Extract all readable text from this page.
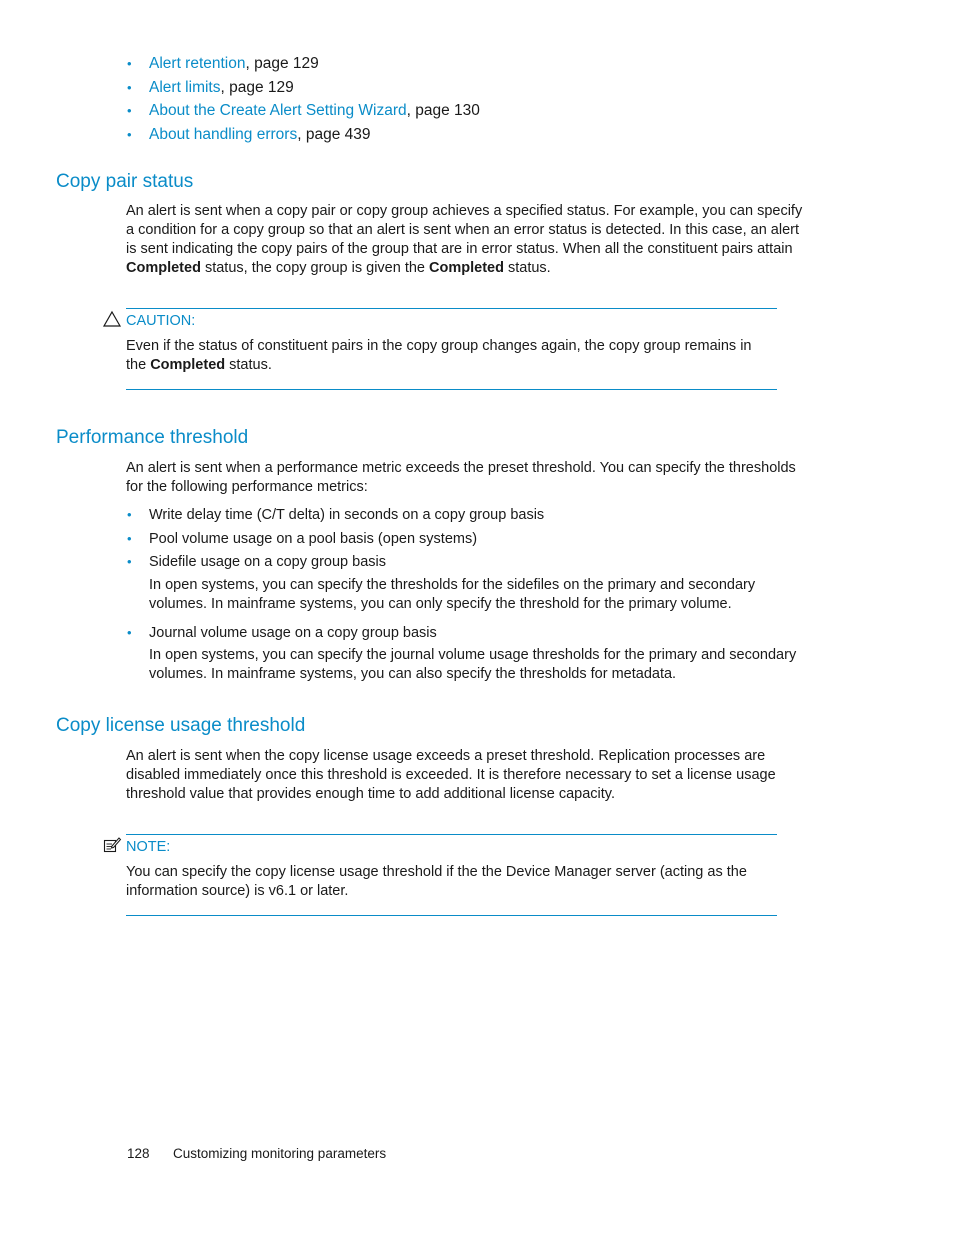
• Alert retention, page 129
• Alert limits, page 129
• About the Create Alert Setting Wizard, page 130
• About handling errors, page 439
Copy pair status

An alert is sent when a copy pair or copy group achieves a specified status. For example, you can specify a condition for a copy group so that an alert is sent when an error status is detected. In this case, an alert is sent indicating the copy pairs of the group that are in error status. When all the constituent pairs attain Completed status, the copy group is given the Completed status.

CAUTION:

Even if the status of constituent pairs in the copy group changes again, the copy group remains in the Completed status.

Performance threshold

An alert is sent when a performance metric exceeds the preset threshold. You can specify the thresholds for the following performance metrics:

• Write delay time (C/T delta) in seconds on a copy group basis
• Pool volume usage on a pool basis (open systems)
• Sidefile usage on a copy group basis
In open systems, you can specify the thresholds for the sidefiles on the primary and secondary volumes. In mainframe systems, you can only specify the threshold for the primary volume.
• Journal volume usage on a copy group basis
In open systems, you can specify the journal volume usage thresholds for the primary and secondary volumes. In mainframe systems, you can also specify the thresholds for metadata.
Copy license usage threshold

An alert is sent when the copy license usage exceeds a preset threshold. Replication processes are disabled immediately once this threshold is exceeded. It is therefore necessary to set a license usage threshold value that provides enough time to add additional license capacity.

NOTE:

You can specify the copy license usage threshold if the the Device Manager server (acting as the information source) is v6.1 or later.

128 Customizing monitoring parameters
